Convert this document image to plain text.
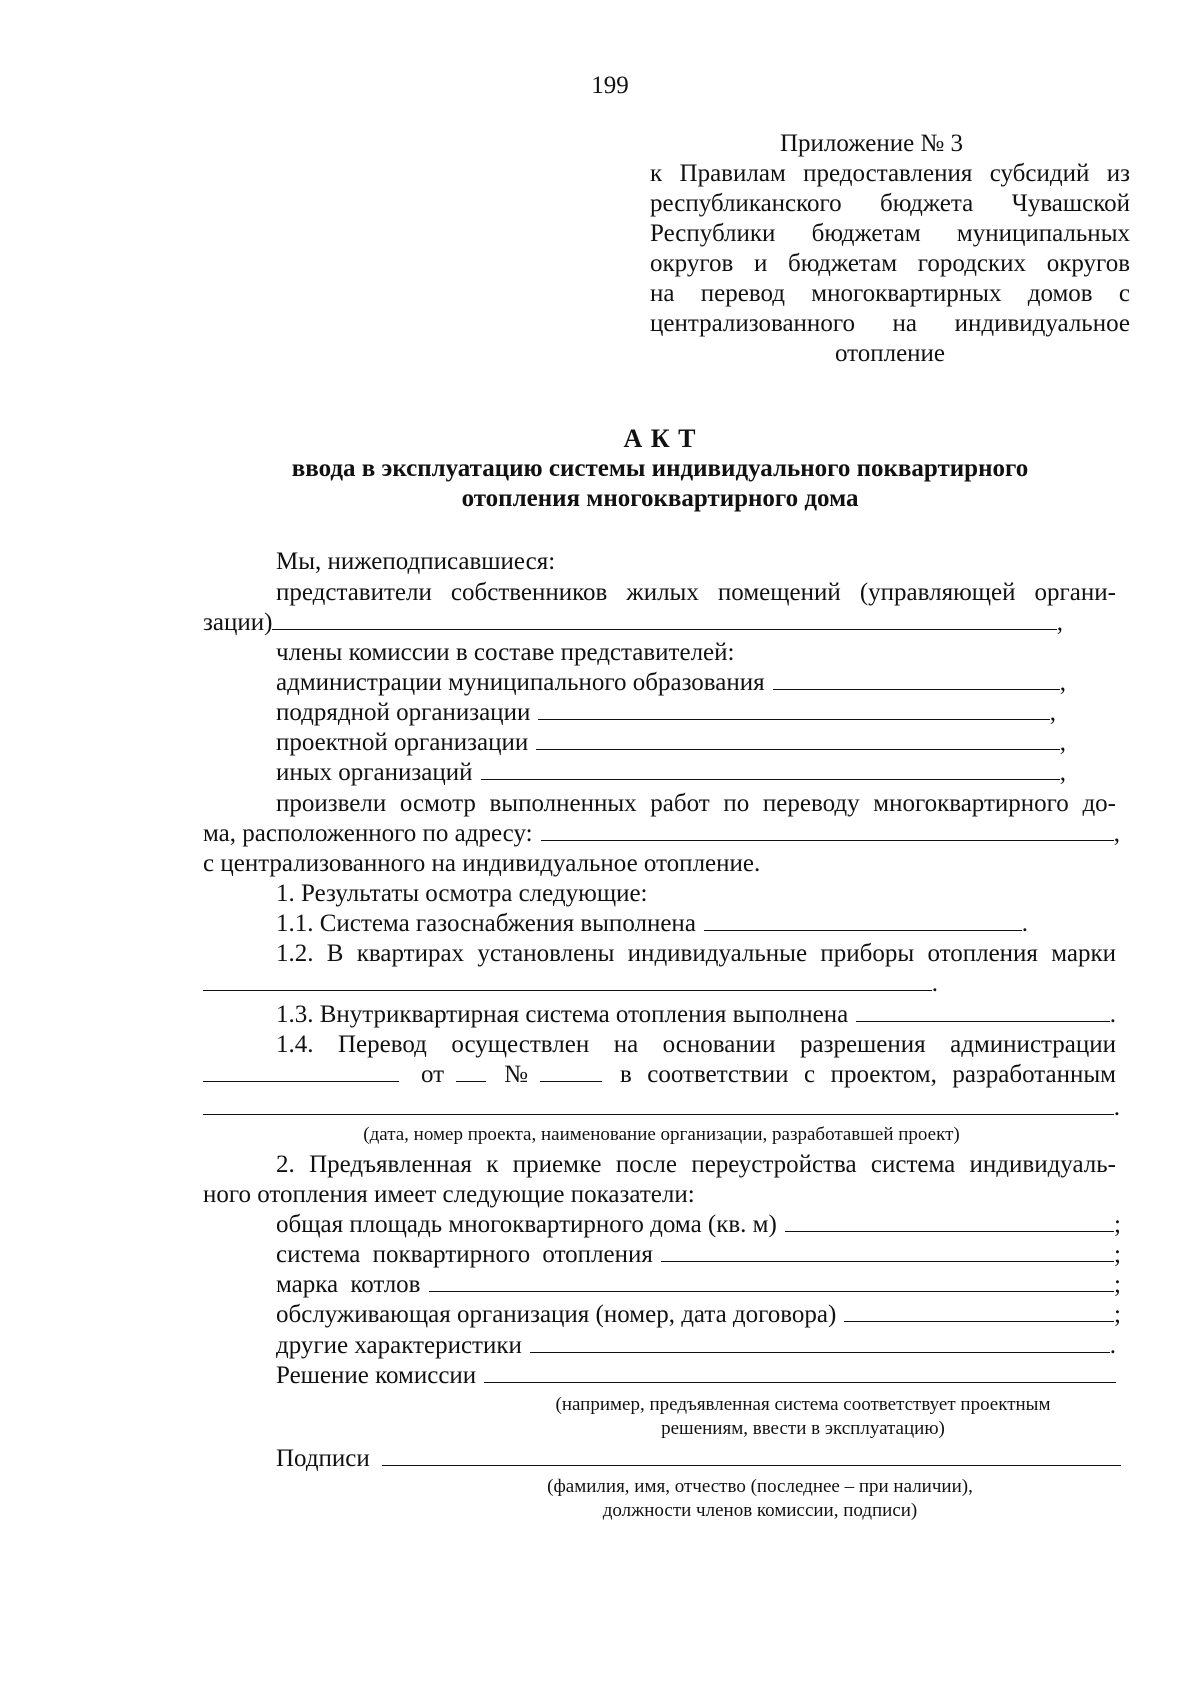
199
Приложение № 3
к Правилам предоставления субсидий из
республиканского бюджета Чувашской
Республики бюджетам муниципальных
округов и бюджетам городских округов
на перевод многоквартирных домов с
централизованного на индивидуальное
отопление
А К Т
ввода в эксплуатацию системы индивидуального поквартирного
отопления многоквартирного дома
Мы, нижеподписавшиеся:
представители собственников жилых помещений (управляющей органи-
зации)	,
члены комиссии в составе представителей:
администрации муниципального образования	,
подрядной организации	,
проектной организации	,
иных организаций	,
произвели осмотр выполненных работ по переводу многоквартирного до-
ма, расположенного по адресу:	,
с централизованного на индивидуальное отопление.
1. Результаты осмотра следующие:
1.1. Система газоснабжения выполнена	.
1.2. В квартирах установлены индивидуальные приборы отопления марки
.
1.3. Внутриквартирная система отопления выполнена	.
1.4. Перевод осуществлен на основании разрешения администрации
от №	в соответствии с проектом, разработанным
.
(дата, номер проекта, наименование организации, разработавшей проект)
2. Предъявленная к приемке после переустройства система индивидуаль-
ного отопления имеет следующие показатели:
общая площадь многоквартирного дома (кв. м)	;
система поквартирного отопления	;
марка котлов	;
обслуживающая организация (номер, дата договора)	;
другие характеристики	.
Решение комиссии
(например, предъявленная система соответствует проектным
решениям, ввести в эксплуатацию)
Подписи
(фамилия, имя, отчество (последнее – при наличии),
должности членов комиссии, подписи)
